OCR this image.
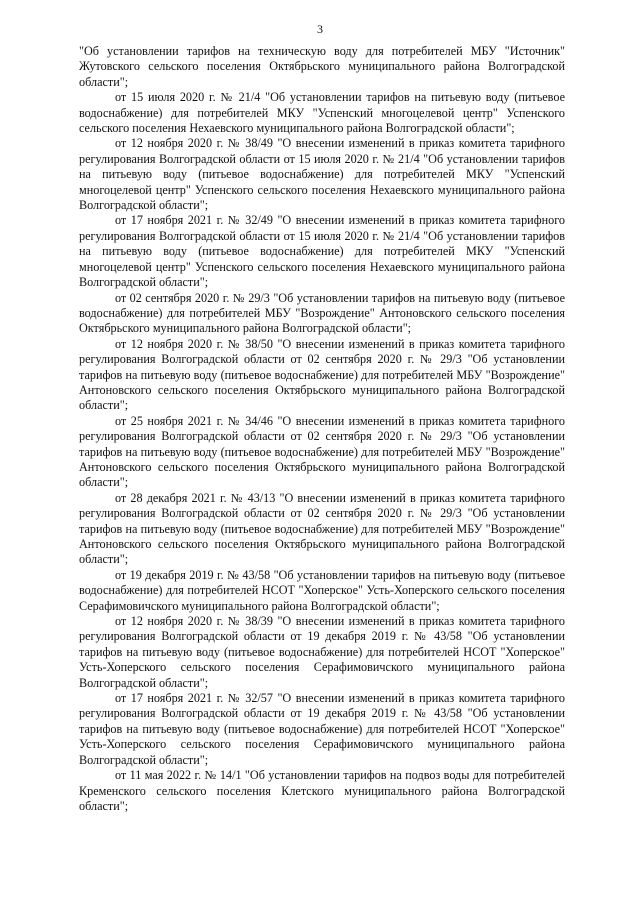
3

"Об установлении тарифов на техническую воду для потребителей МБУ "Источник" Жутовского сельского поселения Октябрьского муниципального района Волгоградской области";

от 15 июля 2020 г. № 21/4 "Об установлении тарифов на питьевую воду (питьевое водоснабжение) для потребителей МКУ "Успенский многоцелевой центр" Успенского сельского поселения Нехаевского муниципального района Волгоградской области";

от 12 ноября 2020 г. № 38/49 "О внесении изменений в приказ комитета тарифного регулирования Волгоградской области от 15 июля 2020 г. № 21/4 "Об установлении тарифов на питьевую воду (питьевое водоснабжение) для потребителей МКУ "Успенский многоцелевой центр" Успенского сельского поселения Нехаевского муниципального района Волгоградской области";

от 17 ноября 2021 г. № 32/49 "О внесении изменений в приказ комитета тарифного регулирования Волгоградской области от 15 июля 2020 г. № 21/4 "Об установлении тарифов на питьевую воду (питьевое водоснабжение) для потребителей МКУ "Успенский многоцелевой центр" Успенского сельского поселения Нехаевского муниципального района Волгоградской области";

от 02 сентября 2020 г. № 29/3 "Об установлении тарифов на питьевую воду (питьевое водоснабжение) для потребителей МБУ "Возрождение" Антоновского сельского поселения Октябрьского муниципального района Волгоградской области";

от 12 ноября 2020 г. № 38/50 "О внесении изменений в приказ комитета тарифного регулирования Волгоградской области от 02 сентября 2020 г. № 29/3 "Об установлении тарифов на питьевую воду (питьевое водоснабжение) для потребителей МБУ "Возрождение" Антоновского сельского поселения Октябрьского муниципального района Волгоградской области";

от 25 ноября 2021 г. № 34/46 "О внесении изменений в приказ комитета тарифного регулирования Волгоградской области от 02 сентября 2020 г. № 29/3 "Об установлении тарифов на питьевую воду (питьевое водоснабжение) для потребителей МБУ "Возрождение" Антоновского сельского поселения Октябрьского муниципального района Волгоградской области";

от 28 декабря 2021 г. № 43/13 "О внесении изменений в приказ комитета тарифного регулирования Волгоградской области от 02 сентября 2020 г. № 29/3 "Об установлении тарифов на питьевую воду (питьевое водоснабжение) для потребителей МБУ "Возрождение" Антоновского сельского поселения Октябрьского муниципального района Волгоградской области";

от 19 декабря 2019 г. № 43/58 "Об установлении тарифов на питьевую воду (питьевое водоснабжение) для потребителей НСОТ "Хоперское" Усть-Хоперского сельского поселения Серафимовичского муниципального района Волгоградской области";

от 12 ноября 2020 г. № 38/39 "О внесении изменений в приказ комитета тарифного регулирования Волгоградской области от 19 декабря 2019 г. № 43/58 "Об установлении тарифов на питьевую воду (питьевое водоснабжение) для потребителей НСОТ "Хоперское" Усть-Хоперского сельского поселения Серафимовичского муниципального района Волгоградской области";

от 17 ноября 2021 г. № 32/57 "О внесении изменений в приказ комитета тарифного регулирования Волгоградской области от 19 декабря 2019 г. № 43/58 "Об установлении тарифов на питьевую воду (питьевое водоснабжение) для потребителей НСОТ "Хоперское" Усть-Хоперского сельского поселения Серафимовичского муниципального района Волгоградской области";

от 11 мая 2022 г. № 14/1 "Об установлении тарифов на подвоз воды для потребителей Кременского сельского поселения Клетского муниципального района Волгоградской области";
